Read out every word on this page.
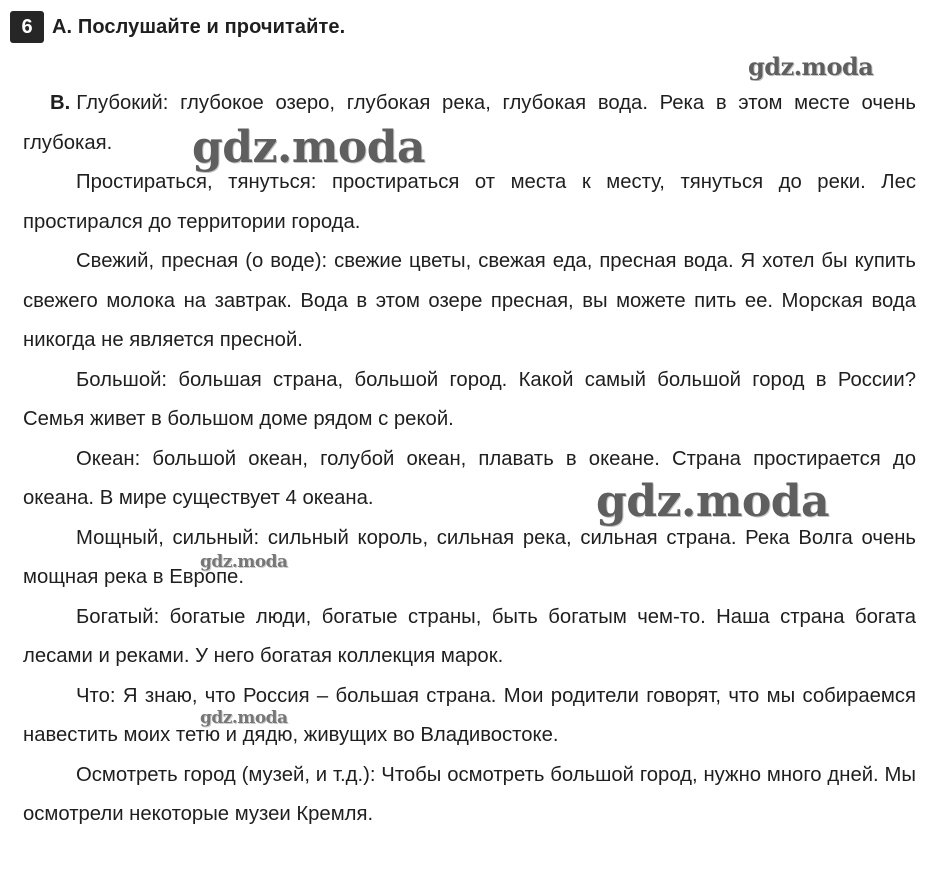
6 А. Послушайте и прочитайте.

В. Глубокий: глубокое озеро, глубокая река, глубокая вода. Река в этом месте очень глубокая.

Простираться, тянуться: простираться от места к месту, тянуться до реки. Лес простирался до территории города.

Свежий, пресная (о воде): свежие цветы, свежая еда, пресная вода. Я хотел бы купить свежего молока на завтрак. Вода в этом озере пресная, вы можете пить ее. Морская вода никогда не является пресной.

Большой: большая страна, большой город. Какой самый большой город в России? Семья живет в большом доме рядом с рекой.

Океан: большой океан, голубой океан, плавать в океане. Страна простирается до океана. В мире существует 4 океана.

Мощный, сильный: сильный король, сильная река, сильная страна. Река Волга очень мощная река в Европе.

Богатый: богатые люди, богатые страны, быть богатым чем-то. Наша страна богата лесами и реками. У него богатая коллекция марок.

Что: Я знаю, что Россия – большая страна. Мои родители говорят, что мы собираемся навестить моих тетю и дядю, живущих во Владивостоке.

Осмотреть город (музей, и т.д.): Чтобы осмотреть большой город, нужно много дней. Мы осмотрели некоторые музеи Кремля.

gdz.moda
gdz.moda
gdz.moda
gdz.moda
gdz.moda
